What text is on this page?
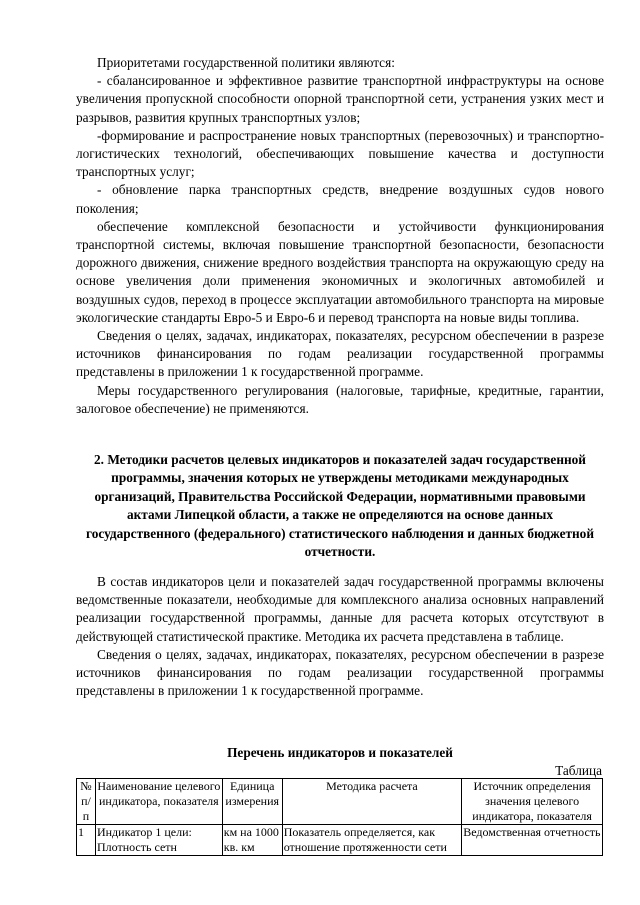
Приоритетами государственной политики являются:

- сбалансированное и эффективное развитие транспортной инфраструктуры на основе увеличения пропускной способности опорной транспортной сети, устранения узких мест и разрывов, развития крупных транспортных узлов;

-формирование и распространение новых транспортных (перевозочных) и транспортно-логистических технологий, обеспечивающих повышение качества и доступности транспортных услуг;

- обновление парка транспортных средств, внедрение воздушных судов нового поколения;

обеспечение комплексной безопасности и устойчивости функционирования транспортной системы, включая повышение транспортной безопасности, безопасности дорожного движения, снижение вредного воздействия транспорта на окружающую среду на основе увеличения доли применения экономичных и экологичных автомобилей и воздушных судов, переход в процессе эксплуатации автомобильного транспорта на мировые экологические стандарты Евро-5 и Евро-6 и перевод транспорта на новые виды топлива.

Сведения о целях, задачах, индикаторах, показателях, ресурсном обеспечении в разрезе источников финансирования по годам реализации государственной программы представлены в приложении 1 к государственной программе.

Меры государственного регулирования (налоговые, тарифные, кредитные, гарантии, залоговое обеспечение) не применяются.

2. Методики расчетов целевых индикаторов и показателей задач государственной программы, значения которых не утверждены методиками международных организаций, Правительства Российской Федерации, нормативными правовыми актами Липецкой области, а также не определяются на основе данных государственного (федерального) статистического наблюдения и данных бюджетной отчетности.

В состав индикаторов цели и показателей задач государственной программы включены ведомственные показатели, необходимые для комплексного анализа основных направлений реализации государственной программы, данные для расчета которых отсутствуют в действующей статистической практике. Методика их расчета представлена в таблице.

Сведения о целях, задачах, индикаторах, показателях, ресурсном обеспечении в разрезе источников финансирования по годам реализации государственной программы представлены в приложении 1 к государственной программе.

Перечень индикаторов и показателей
Таблица
№ п/п	Наименование целевого индикатора, показателя	Единица измерения	Методика расчета	Источник определения значения целевого индикатора, показателя
1	Индикатор 1 цели: Плотность сетн	км на 1000 кв. км	Показатель определяется, как отношение протяженности сети	Ведомственная отчетность
